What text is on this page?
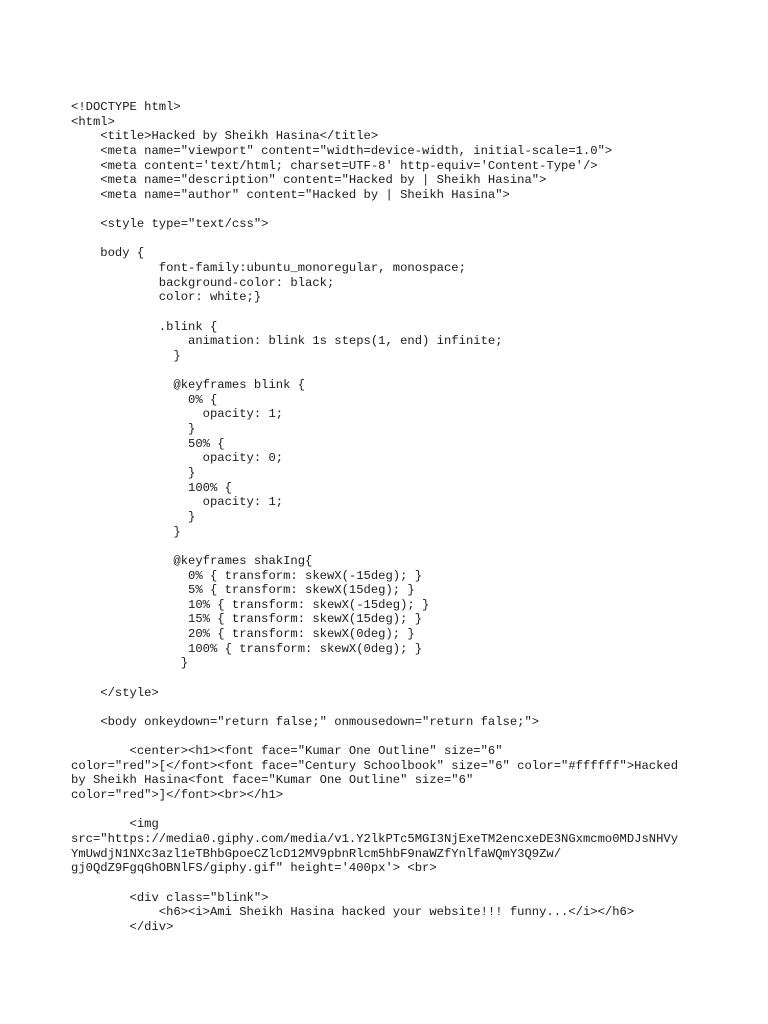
<!DOCTYPE html>
<html>
<title>Hacked by Sheikh Hasina</title>
<meta name="viewport" content="width=device-width, initial-scale=1.0">
<meta content='text/html; charset=UTF-8' http-equiv='Content-Type'/>
<meta name="description" content="Hacked by | Sheikh Hasina">
<meta name="author" content="Hacked by | Sheikh Hasina">
<style type="text/css">
body {
font-family:ubuntu_monoregular, monospace;
background-color: black;
color: white;}
.blink {
animation: blink 1s steps(1, end) infinite;
}
@keyframes blink {
0% {
opacity: 1;
}
50% {
opacity: 0;
}
100% {
opacity: 1;
}
}
@keyframes shakIng{
0% { transform: skewX(-15deg); }
5% { transform: skewX(15deg); }
10% { transform: skewX(-15deg); }
15% { transform: skewX(15deg); }
20% { transform: skewX(0deg); }
100% { transform: skewX(0deg); }
}
</style>
<body onkeydown="return false;" onmousedown="return false;">
<center><h1><font face="Kumar One Outline" size="6"
color="red">[</font><font face="Century Schoolbook" size="6" color="#ffffff">Hacked
by Sheikh Hasina<font face="Kumar One Outline" size="6"
color="red">]</font><br></h1>
<img
src="https://media0.giphy.com/media/v1.Y2lkPTc5MGI3NjExeTM2encxeDE3NGxmcmo0MDJsNHVy
YmUwdjN1NXc3azl1eTBhbGpoeCZlcD12MV9pbnRlcm5hbF9naWZfYnlfaWQmY3Q9Zw/
gj0QdZ9FgqGhOBNlFS/giphy.gif" height='400px'> <br>
<div class="blink">
<h6><i>Ami Sheikh Hasina hacked your website!!! funny...</i></h6>
</div>
